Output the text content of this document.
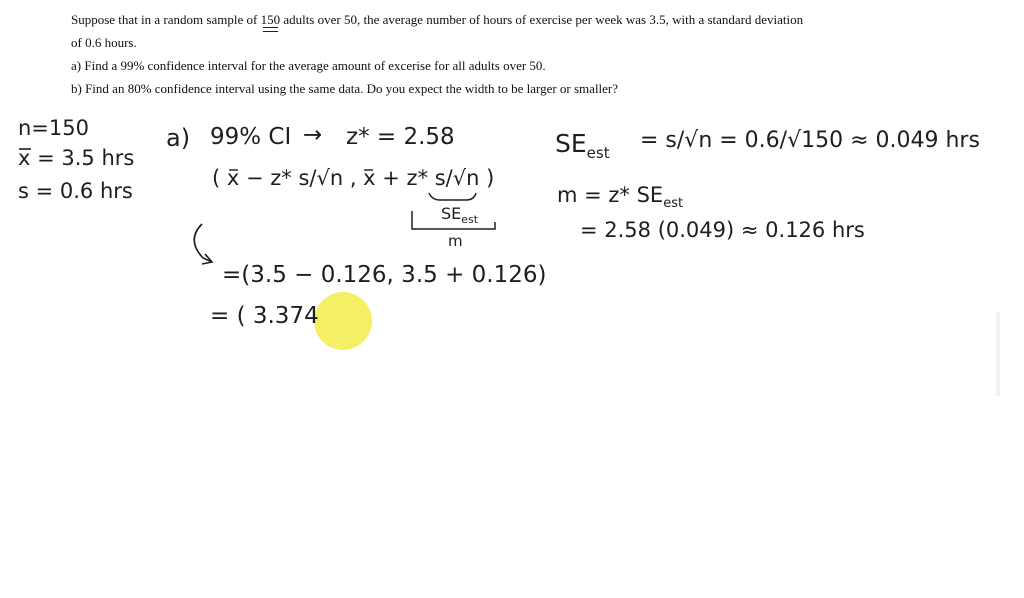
Suppose that in a random sample of 150
adults over 50, the average number of hours of exercise per week was 3.5, with a standard deviation

of 0.6 hours.

a) Find a 99% confidence interval for the average amount of excerise for all adults over 50.

b) Find an 80% confidence interval using the same data. Do you expect the width to be larger or smaller?

n=150
x = 3.5 hrs
s = 0.6 hrs
a) 99% CI → z* = 2.58
( x − z* s/√n , x + z* s/√n )
$SE_{est}$
m
=(3.5 − 0.126, 3.5 + 0.126)
= ( 3.374
$SE_{est} = s/√n = 0.6/√150 \approx 0.049$ hrs
m = z* $SE_{est}$
= 2.58 (0.049) ≈ 0.126 hrs
